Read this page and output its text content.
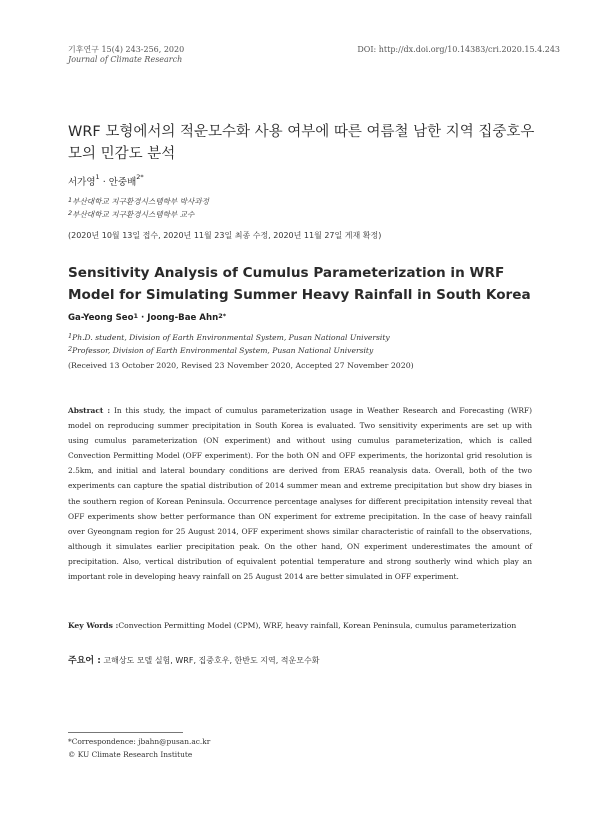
기후연구 15(4) 243-256, 2020
Journal of Climate Research
DOI: http://dx.doi.org/10.14383/cri.2020.15.4.243
WRF 모형에서의 적운모수화 사용 여부에 따른 여름철 남한 지역 집중호우 모의 민감도 분석
서가영$^1$ · 안중배$^{2*}$
$^1$부산대학교 지구환경시스템학부 박사과정
$^2$부산대학교 지구환경시스템학부 교수
(2020년 10월 13일 접수, 2020년 11월 23일 최종 수정, 2020년 11월 27일 게재 확정)
Sensitivity Analysis of Cumulus Parameterization in WRF Model for Simulating Summer Heavy Rainfall in South Korea
Ga-Yeong Seo$^1$ · Joong-Bae Ahn$^{2*}$
$^1$Ph.D. student, Division of Earth Environmental System, Pusan National University
$^2$Professor, Division of Earth Environmental System, Pusan National University
(Received 13 October 2020, Revised 23 November 2020, Accepted 27 November 2020)
Abstract : In this study, the impact of cumulus parameterization usage in Weather Research and Forecasting (WRF) model on reproducing summer precipitation in South Korea is evaluated. Two sensitivity experiments are set up with using cumulus parameterization (ON experiment) and without using cumulus parameterization, which is called Convection Permitting Model (OFF experiment). For the both ON and OFF experiments, the horizontal grid resolution is 2.5km, and initial and lateral boundary conditions are derived from ERA5 reanalysis data. Overall, both of the two experiments can capture the spatial distribution of 2014 summer mean and extreme precipitation but show dry biases in the southern region of Korean Peninsula. Occurrence percentage analyses for different precipitation intensity reveal that OFF experiments show better performance than ON experiment for extreme precipitation. In the case of heavy rainfall over Gyeongnam region for 25 August 2014, OFF experiment shows similar characteristic of rainfall to the observations, although it simulates earlier precipitation peak. On the other hand, ON experiment underestimates the amount of precipitation. Also, vertical distribution of equivalent potential temperature and strong southerly wind which play an important role in developing heavy rainfall on 25 August 2014 are better simulated in OFF experiment.
Key Words : Convection Permitting Model (CPM), WRF, heavy rainfall, Korean Peninsula, cumulus parameterization
주요어 : 고해상도 모델 실험, WRF, 집중호우, 한반도 지역, 적운모수화
*Correspondence: jbahn@pusan.ac.kr
© KU Climate Research Institute
